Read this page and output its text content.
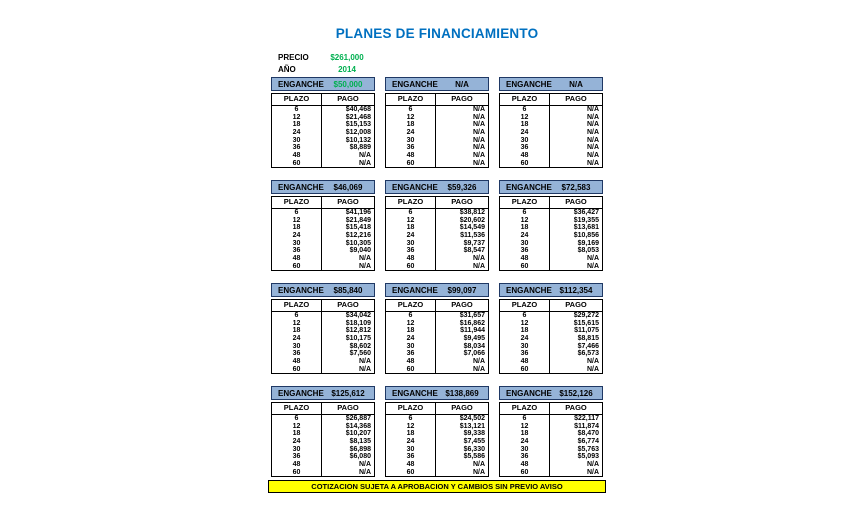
PLANES DE FINANCIAMIENTO
PRECIO	$261,000
AÑO	2014
ENGANCHE	$50,000
PLAZO	PAGO
6	$40,468
12	$21,468
18	$15,153
24	$12,008
30	$10,132
36	$8,889
48	N/A
60	N/A
ENGANCHE	N/A
PLAZO	PAGO
6	N/A
12	N/A
18	N/A
24	N/A
30	N/A
36	N/A
48	N/A
60	N/A
ENGANCHE	N/A
PLAZO	PAGO
6	N/A
12	N/A
18	N/A
24	N/A
30	N/A
36	N/A
48	N/A
60	N/A
ENGANCHE	$46,069
PLAZO	PAGO
6	$41,196
12	$21,849
18	$15,418
24	$12,216
30	$10,305
36	$9,040
48	N/A
60	N/A
ENGANCHE	$59,326
PLAZO	PAGO
6	$38,812
12	$20,602
18	$14,549
24	$11,536
30	$9,737
36	$8,547
48	N/A
60	N/A
ENGANCHE	$72,583
PLAZO	PAGO
6	$36,427
12	$19,355
18	$13,681
24	$10,856
30	$9,169
36	$8,053
48	N/A
60	N/A
ENGANCHE	$85,840
PLAZO	PAGO
6	$34,042
12	$18,109
18	$12,812
24	$10,175
30	$8,602
36	$7,560
48	N/A
60	N/A
ENGANCHE	$99,097
PLAZO	PAGO
6	$31,657
12	$16,862
18	$11,944
24	$9,495
30	$8,034
36	$7,066
48	N/A
60	N/A
ENGANCHE $112,354
PLAZO	PAGO
6	$29,272
12	$15,615
18	$11,075
24	$8,815
30	$7,466
36	$6,573
48	N/A
60	N/A
ENGANCHE $125,612
PLAZO	PAGO
6	$26,887
12	$14,368
18	$10,207
24	$8,135
30	$6,898
36	$6,080
48	N/A
60	N/A
ENGANCHE $138,869
PLAZO	PAGO
6	$24,502
12	$13,121
18	$9,338
24	$7,455
30	$6,330
36	$5,586
48	N/A
60	N/A
ENGANCHE $152,126
PLAZO	PAGO
6	$22,117
12	$11,874
18	$8,470
24	$6,774
30	$5,763
36	$5,093
48	N/A
60	N/A
COTIZACION SUJETA A APROBACION Y CAMBIOS SIN PREVIO AVISO
